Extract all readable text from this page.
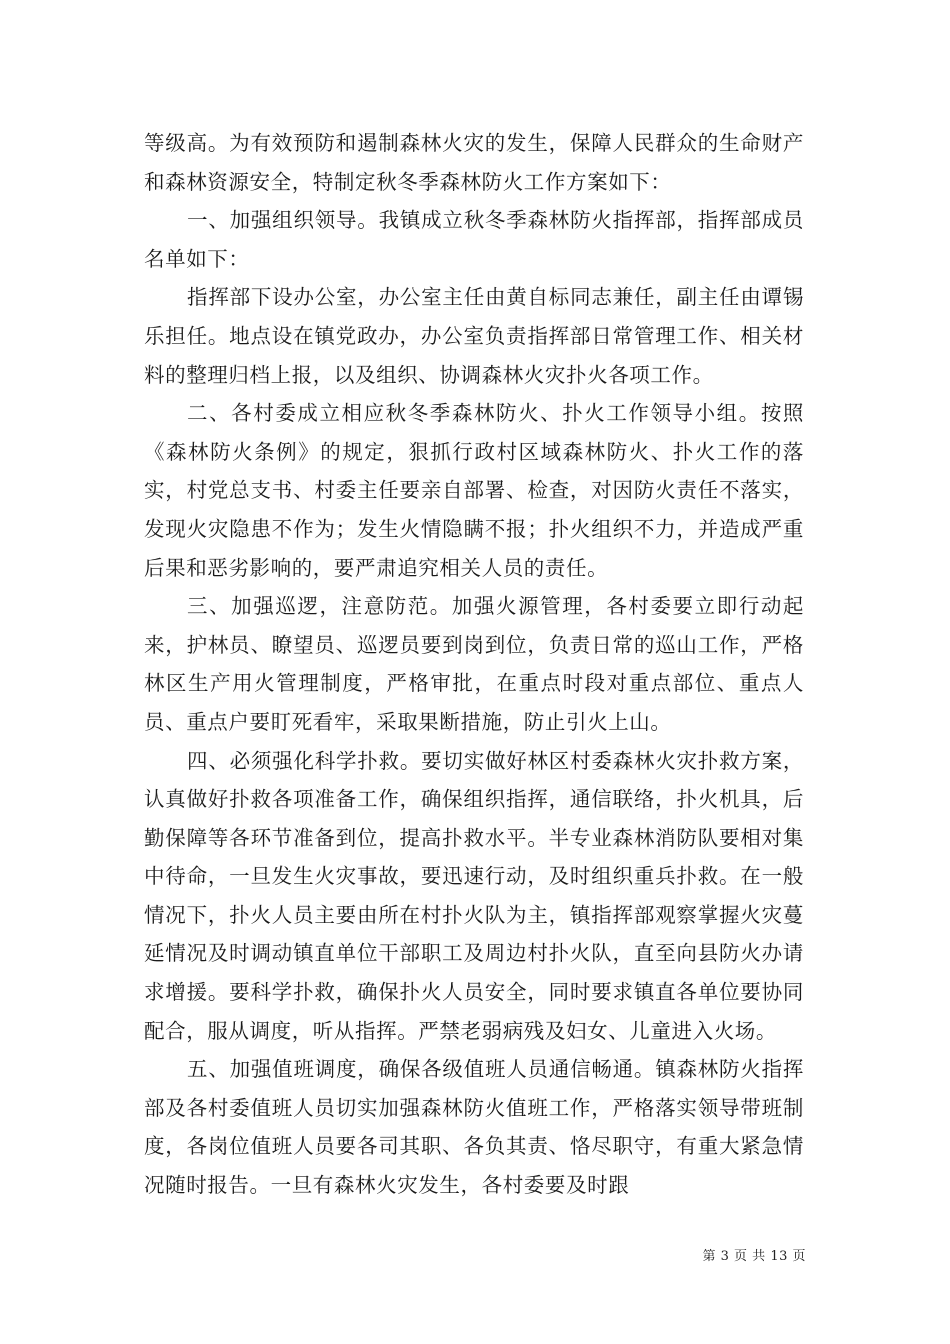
等级高。为有效预防和遏制森林火灾的发生，保障人民群众的生命财产和森林资源安全，特制定秋冬季森林防火工作方案如下：

一、加强组织领导。我镇成立秋冬季森林防火指挥部，指挥部成员名单如下：

指挥部下设办公室，办公室主任由黄自标同志兼任，副主任由谭锡乐担任。地点设在镇党政办，办公室负责指挥部日常管理工作、相关材料的整理归档上报，以及组织、协调森林火灾扑火各项工作。

二、各村委成立相应秋冬季森林防火、扑火工作领导小组。按照《森林防火条例》的规定，狠抓行政村区域森林防火、扑火工作的落实，村党总支书、村委主任要亲自部署、检查，对因防火责任不落实，发现火灾隐患不作为；发生火情隐瞒不报；扑火组织不力，并造成严重后果和恶劣影响的，要严肃追究相关人员的责任。

三、加强巡逻，注意防范。加强火源管理，各村委要立即行动起来，护林员、瞭望员、巡逻员要到岗到位，负责日常的巡山工作，严格林区生产用火管理制度，严格审批，在重点时段对重点部位、重点人员、重点户要盯死看牢，采取果断措施，防止引火上山。

四、必须强化科学扑救。要切实做好林区村委森林火灾扑救方案，认真做好扑救各项准备工作，确保组织指挥，通信联络，扑火机具，后勤保障等各环节准备到位，提高扑救水平。半专业森林消防队要相对集中待命，一旦发生火灾事故，要迅速行动，及时组织重兵扑救。在一般情况下，扑火人员主要由所在村扑火队为主，镇指挥部观察掌握火灾蔓延情况及时调动镇直单位干部职工及周边村扑火队，直至向县防火办请求增援。要科学扑救，确保扑火人员安全，同时要求镇直各单位要协同配合，服从调度，听从指挥。严禁老弱病残及妇女、儿童进入火场。

五、加强值班调度，确保各级值班人员通信畅通。镇森林防火指挥部及各村委值班人员切实加强森林防火值班工作，严格落实领导带班制度，各岗位值班人员要各司其职、各负其责、恪尽职守，有重大紧急情况随时报告。一旦有森林火灾发生，各村委要及时跟

第 3 页 共 13 页
